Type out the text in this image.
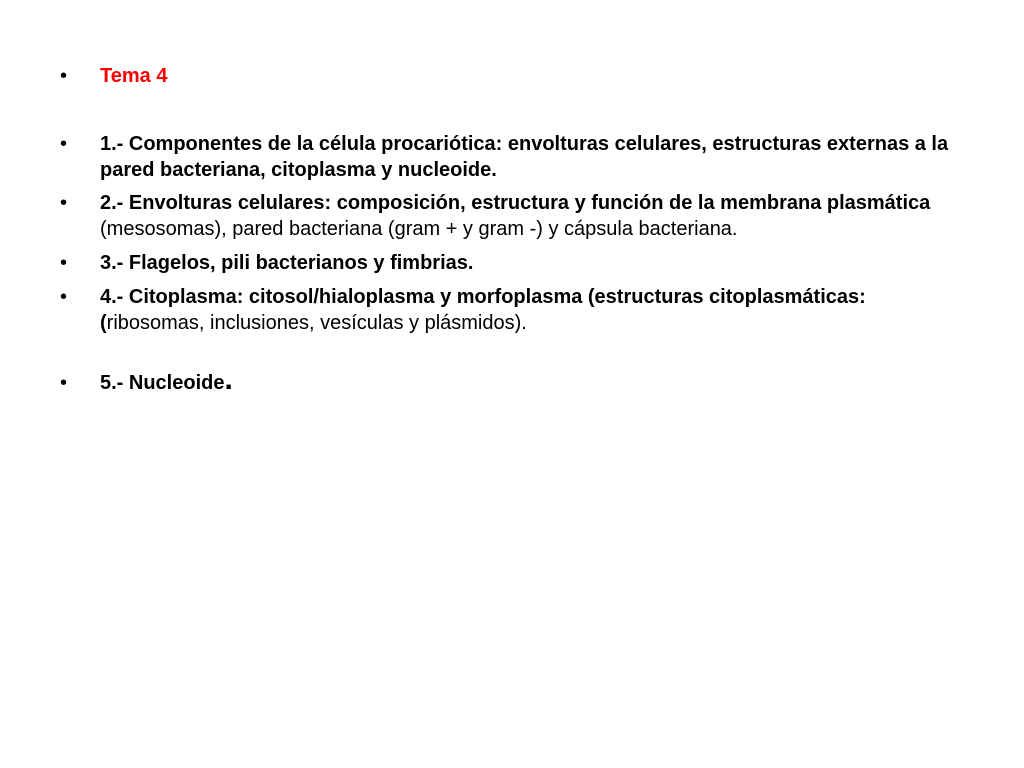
•	Tema 4
•	1.- Componentes de la célula procariótica: envolturas celulares, estructuras externas a la pared bacteriana, citoplasma y nucleoide.
•	2.- Envolturas celulares: composición, estructura y función de la membrana plasmática (mesosomas), pared bacteriana (gram + y gram -) y cápsula bacteriana.
•	3.- Flagelos, pili bacterianos y fimbrias.
•	4.- Citoplasma: citosol/hialoplasma y morfoplasma (estructuras citoplasmáticas: (ribosomas, inclusiones, vesículas y plásmidos).
•	5.- Nucleoide.
